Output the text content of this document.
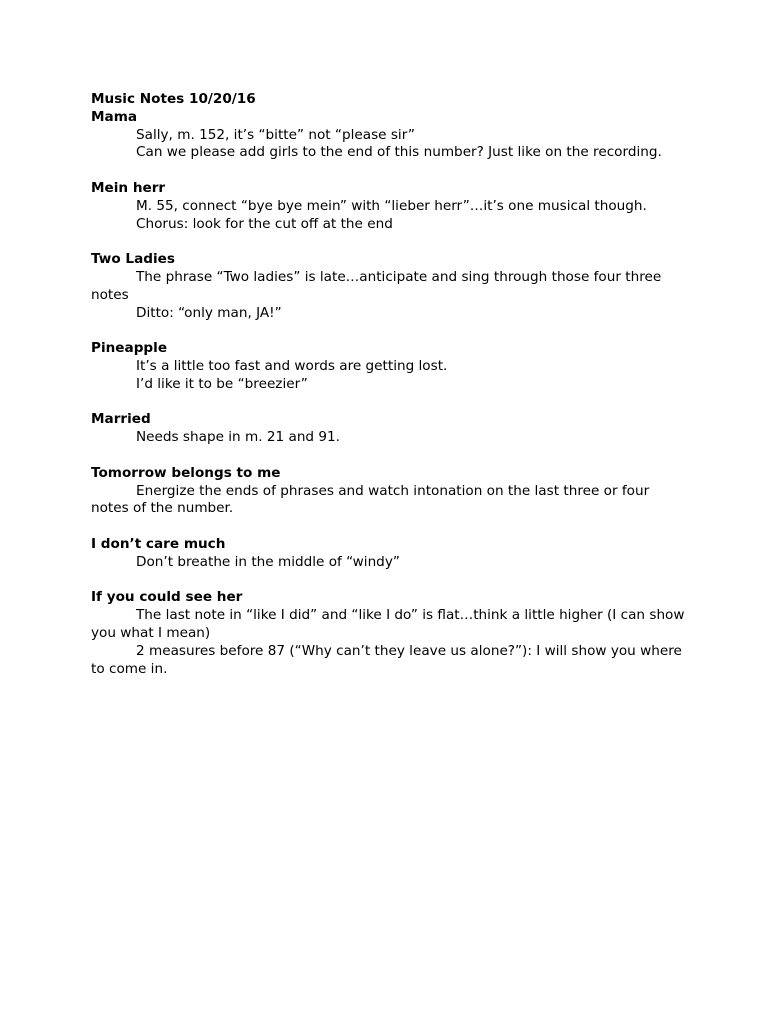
Music Notes 10/20/16

Mama

Sally, m. 152, it’s “bitte” not “please sir”

Can we please add girls to the end of this number? Just like on the recording.

Mein herr

M. 55, connect “bye bye mein” with “lieber herr”…it’s one musical though.

Chorus: look for the cut off at the end

Two Ladies

The phrase “Two ladies” is late…anticipate and sing through those four three notes

Ditto: “only man, JA!”

Pineapple

It’s a little too fast and words are getting lost.

I’d like it to be “breezier”

Married

Needs shape in m. 21 and 91.

Tomorrow belongs to me

Energize the ends of phrases and watch intonation on the last three or four notes of the number.

I don’t care much

Don’t breathe in the middle of “windy”

If you could see her

The last note in “like I did” and “like I do” is flat…think a little higher (I can show you what I mean)

2 measures before 87 (“Why can’t they leave us alone?”): I will show you where to come in.
